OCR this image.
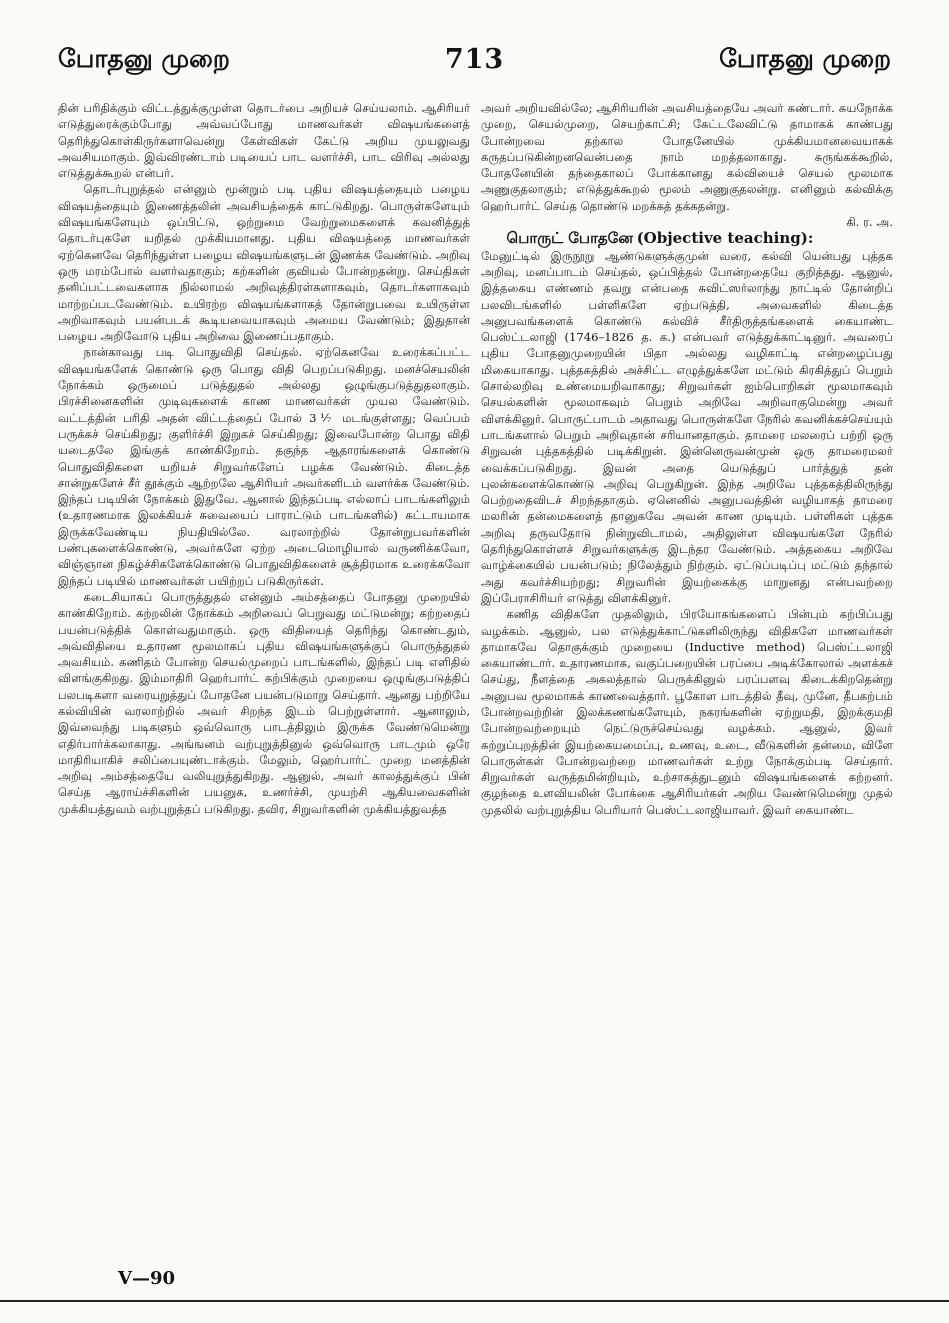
போதனு முறை	713	போதனு முறை

தின் பரிதிக்கும் விட்டத்துக்குமுள்ள தொடர்பை அறியச் செய்யலாம். ஆசிரியர் எடுத்துரைக்கும்போது அவ்வப்போது மாணவர்கள் விஷயங்களைத் தெரிந்துகொள்கிருர்களாவென்று கேள்விகள் கேட்டு அறிய முயலுவது அவசியமாகும். இவ்விரண்டாம் படியைப் பாட வளர்ச்சி, பாட விரிவு அல்லது எடுத்துக்கூறல் என்பர்.

தொடர்புறுத்தல் என்னும் மூன்றும் படி புதிய விஷயத்தையும் பழைய விஷயத்தையும் இணைத்தலின் அவசியத்தைக் காட்டுகிறது. பொருள்களேயும் விஷயங்களேயும் ஒப்பிட்டு, ஒற்றுமை வேற்றுமைகளைக் கவனித்துத் தொடர்புகளே யறிதல் முக்கியமானது. புதிய விஷயத்தை மாணவர்கள் ஏற்கெனவே தெரிந்துள்ள பழைய விஷயங்களுடன் இணக்க வேண்டும். அறிவு ஒரு மரம்போல் வளர்வதாகும்; கற்களின் குவியல் போன்றதன்று. செய்திகள் தனிப்பட்டவைகளாக நில்லாமல் அறிவுத்திரள்களாகவும், தொடர்களாகவும் மாற்றப்படவேண்டும். உயிரற்ற விஷயங்களாகத் தோன்றுபவை உயிருள்ள அறிவாகவும் பயன்படக் கூடியவையாகவும் அமைய வேண்டும்; இதுதான் பழைய அறிவோடு புதிய அறிவை இணைப்பதாகும்.

நான்காவது படி பொதுவிதி செய்தல். ஏற்கெனவே உரைக்கப்பட்ட விஷயங்களேக் கொண்டு ஒரு பொது விதி பெறப்படுகிறது. மனச்செயலின் நோக்கம் ஒருமைப் படுத்துதல் அல்லது ஒழுங்குபடுத்துதலாகும். பிரச்சினைகளின் முடிவுகளைக் காண மாணவர்கள் முயல வேண்டும். வட்டத்தின் பரிதி அதன் விட்டத்தைப் போல் 3⅐ மடங்குள்ளது; வெப்பம் பருக்கச் செய்கிறது; குளிர்ச்சி இறுகச் செய்கிறது; இவைபோன்ற பொது விதி யடைதலே இங்குக் காண்கிறோம். தகுந்த ஆதாரங்களைக் கொண்டு பொதுவிதிகளை யறியச் சிறுவர்களேப் பழக்க வேண்டும். கிடைத்த சான்றுகளேச் சீர் தூக்கும் ஆற்றலே ஆசிரியர் அவர்களிடம் வளர்க்க வேண்டும். இந்தப் படியின் நோக்கம் இதுவே. ஆனால் இந்தப்படி எல்லாப் பாடங்களிலும் (உதாரணமாக இலக்கியச் சுவையைப் பாராட்டும் பாடங்களில்) கட்டாயமாக இருக்கவேண்டிய நியதியில்லே. வரலாற்றில் தோன்றுபவர்களின் பண்புகளைக்கொண்டு, அவர்களே ஏற்ற அடைமொழியால் வருணிக்கவோ, விஞ்ஞான நிகழ்ச்சிகளேக்கொண்டு பொதுவிதிகளைச் சூத்திரமாக உரைக்கவோ இந்தப் படியில் மாணவர்கள் பயிற்றப் படுகிருர்கள்.

கடைசியாகப் பொருத்துதல் என்னும் அம்சத்தைப் போதனு முறையில் காண்கிறோம். கற்றலின் நோக்கம் அறிவைப் பெறுவது மட்டுமன்று; கற்றதைப் பயன்படுத்திக் கொள்வதுமாகும். ஒரு விதியைத் தெரிந்து கொண்டதும், அவ்விதியை உதாரண மூலமாகப் புதிய விஷயங்களுக்குப் பொருத்துதல் அவசியம். கணிதம் போன்ற செயல்முறைப் பாடங்களில், இந்தப் படி எளிதில் விளங்குகிறது. இம்மாதிரி ஹெர்பார்ட் கற்பிக்கும் முறையை ஒழுங்குபடுத்திப் பலபடிகளா வரையறுத்துப் போதனே பயன்படுமாறு செய்தார். ஆனது பற்றியே கல்வியின் வரலாற்றில் அவர் சிறந்த இடம் பெற்றுள்ளார். ஆனாலும், இவ்வைந்து படிகளும் ஒவ்வொரு பாடத்திலும் இருக்க வேண்டுமென்று எதிர்பார்க்கலாகாது. அங்ஙனம் வற்புறுத்தினுல் ஒவ்வொரு பாடமும் ஒரே மாதிரியாகிச் சலிப்பையுண்டாக்கும். மேலும், ஹெர்பார்ட் முறை மனத்தின் அறிவு அம்சத்தையே வலியுறுத்துகிறது. ஆனுல், அவர் காலத்துக்குப் பின் செய்த ஆராய்ச்சிகளின் பயனுக, உணர்ச்சி, முயற்சி ஆகியவைகளின் முக்கியத்துவம் வற்புறுத்தப் படுகிறது. தவிர, சிறுவர்களின் முக்கியத்துவத்த

அவர் அறியவில்லே; ஆசிரியரின் அவசியத்தையே அவர் கண்டார். சுயநோக்க முறை, செயல்முறை, செயற்காட்சி; கேட்டலேவிட்டு தாமாகக் காண்பது போன்றவை தற்கால போதனேயில் முக்கியமானவையாகக் கருதப்படுகின்றனவென்பதை நாம் மறத்தலாகாது. சுருங்கக்கூறில், போதனேயின் தந்தைகாலப் போக்கானது கல்வியைச் செயல் மூலமாக அணுகுதலாகும்; எடுத்துக்கூறல் மூலம் அணுகுதலன்று. எனினும் கல்விக்கு ஹெர்பார்ட் செய்த தொண்டு மறக்கத் தக்கதன்று.

கி. ர. அ.

பொருட் போதனே (Objective teaching):

மேனுட்டில் இருநூறு ஆண்டுகளுக்குமுன் வரை, கல்வி யென்பது புத்தக அறிவு, மனப்பாடம் செய்தல், ஒப்பித்தல் போன்றதையே குறித்தது. ஆனுல், இத்தகைய எண்ணம் தவறு என்பதை சுவிட்ஸர்லாந்து நாட்டில் தோன்றிப் பலவிடங்களில் பள்ளிகளே ஏற்படுத்தி, அவைகளில் கிடைத்த அனுபவங்களைக் கொண்டு கல்விச் சீர்திருத்தங்களைக் கையாண்ட பெஸ்ட்டலாஜி (1746–1826 த. க.) என்பவர் எடுத்துக்காட்டினுர். அவரைப் புதிய போதனுமுறையின் பிதா அல்லது வழிகாட்டி என்றழைப்பது மிகையாகாது. புத்தகத்தில் அச்சிட்ட எழுத்துக்களே மட்டும் கிரகித்துப் பெறும் சொல்லறிவு உண்மையறிவாகாது; சிறுவர்கள் ஐம்பொறிகள் மூலமாகவும் செயல்களின் மூலமாகவும் பெறும் அறிவே அறிவாகுமென்று அவர் விளக்கினுர். பொருட்பாடம் அதாவது பொருள்களே நேரில் கவனிக்கச்செய்யும் பாடங்களால் பெறும் அறிவுதான் சரியானதாகும். தாமரை மலரைப் பற்றி ஒரு சிறுவன் புத்தகத்தில் படிக்கிறுன். இன்னெருவன்முன் ஒரு தாமரைமலர் வைக்கப்படுகிறது. இவன் அதை யெடுத்துப் பார்த்துத் தன் புலன்களைக்கொண்டு அறிவு பெறுகிறுன். இந்த அறிவே புத்தகத்திலிருந்து பெற்றதைவிடச் சிறந்ததாகும். ஏனெனில் அனுபவத்தின் வழியாகத் தாமரை மலரின் தன்மைகளைத் தானுகவே அவன் காண முடியும். பள்ளிகள் புத்தக அறிவு தருவதோடு நின்றுவிடாமல், அதிலுள்ள விஷயங்களே நேரில் தெரிந்துகொள்ளச் சிறுவர்களுக்கு இடந்தர வேண்டும். அத்தகைய அறிவே வாழ்க்கையில் பயன்படும்; நிலேத்தும் நிற்கும். ஏட்டுப்படிப்பு மட்டும் தந்தால் அது கவர்ச்சியற்றது; சிறுவரின் இயற்கைக்கு மாறுனது என்பவற்றை இப்பேராசிரியர் எடுத்து விளக்கினுர்.

கணித விதிகளே முதலிலும், பிரயோகங்களைப் பின்பும் கற்பிப்பது வழக்கம். ஆனுல், பல எடுத்துக்காட்டுகளிலிருந்து விதிகளே மாணவர்கள் தாமாகவே தொகுக்கும் முறையை (Inductive method) பெஸ்ட்டலாஜி கையாண்டார். உதாரணமாக, வகுப்பறையின் பரப்பை அடிக்கோலால் அளக்கச் செய்து, நீளத்தை அகலத்தால் பெருக்கினுல் பரப்பளவு கிடைக்கிறதென்று அனுபவ மூலமாகக் காணவைத்தார். பூகோள பாடத்தில் தீவு, முனே, தீபகற்பம் போன்றவற்றின் இலக்கணங்களேயும், நகரங்களின் ஏற்றுமதி, இறக்குமதி போன்றவற்றையும் நெட்டுருச்செய்வது வழக்கம். ஆனுல், இவர் சுற்றுப்புறத்தின் இயற்கையமைப்பு, உணவு, உடை, வீடுகளின் தன்மை, விளே பொருள்கள் போன்றவற்றை மாணவர்கள் உற்று நோக்கும்படி செய்தார். சிறுவர்கள் வருத்தமின்றியும், உற்சாகத்துடனும் விஷயங்களைக் கற்றனர். குழந்தை உளவியலின் போக்கை ஆசிரியர்கள் அறிய வேண்டுமென்று முதல் முதலில் வற்புறுத்திய பெரியார் பெஸ்ட்டலாஜியாவர். இவர் கையாண்ட

V—90
